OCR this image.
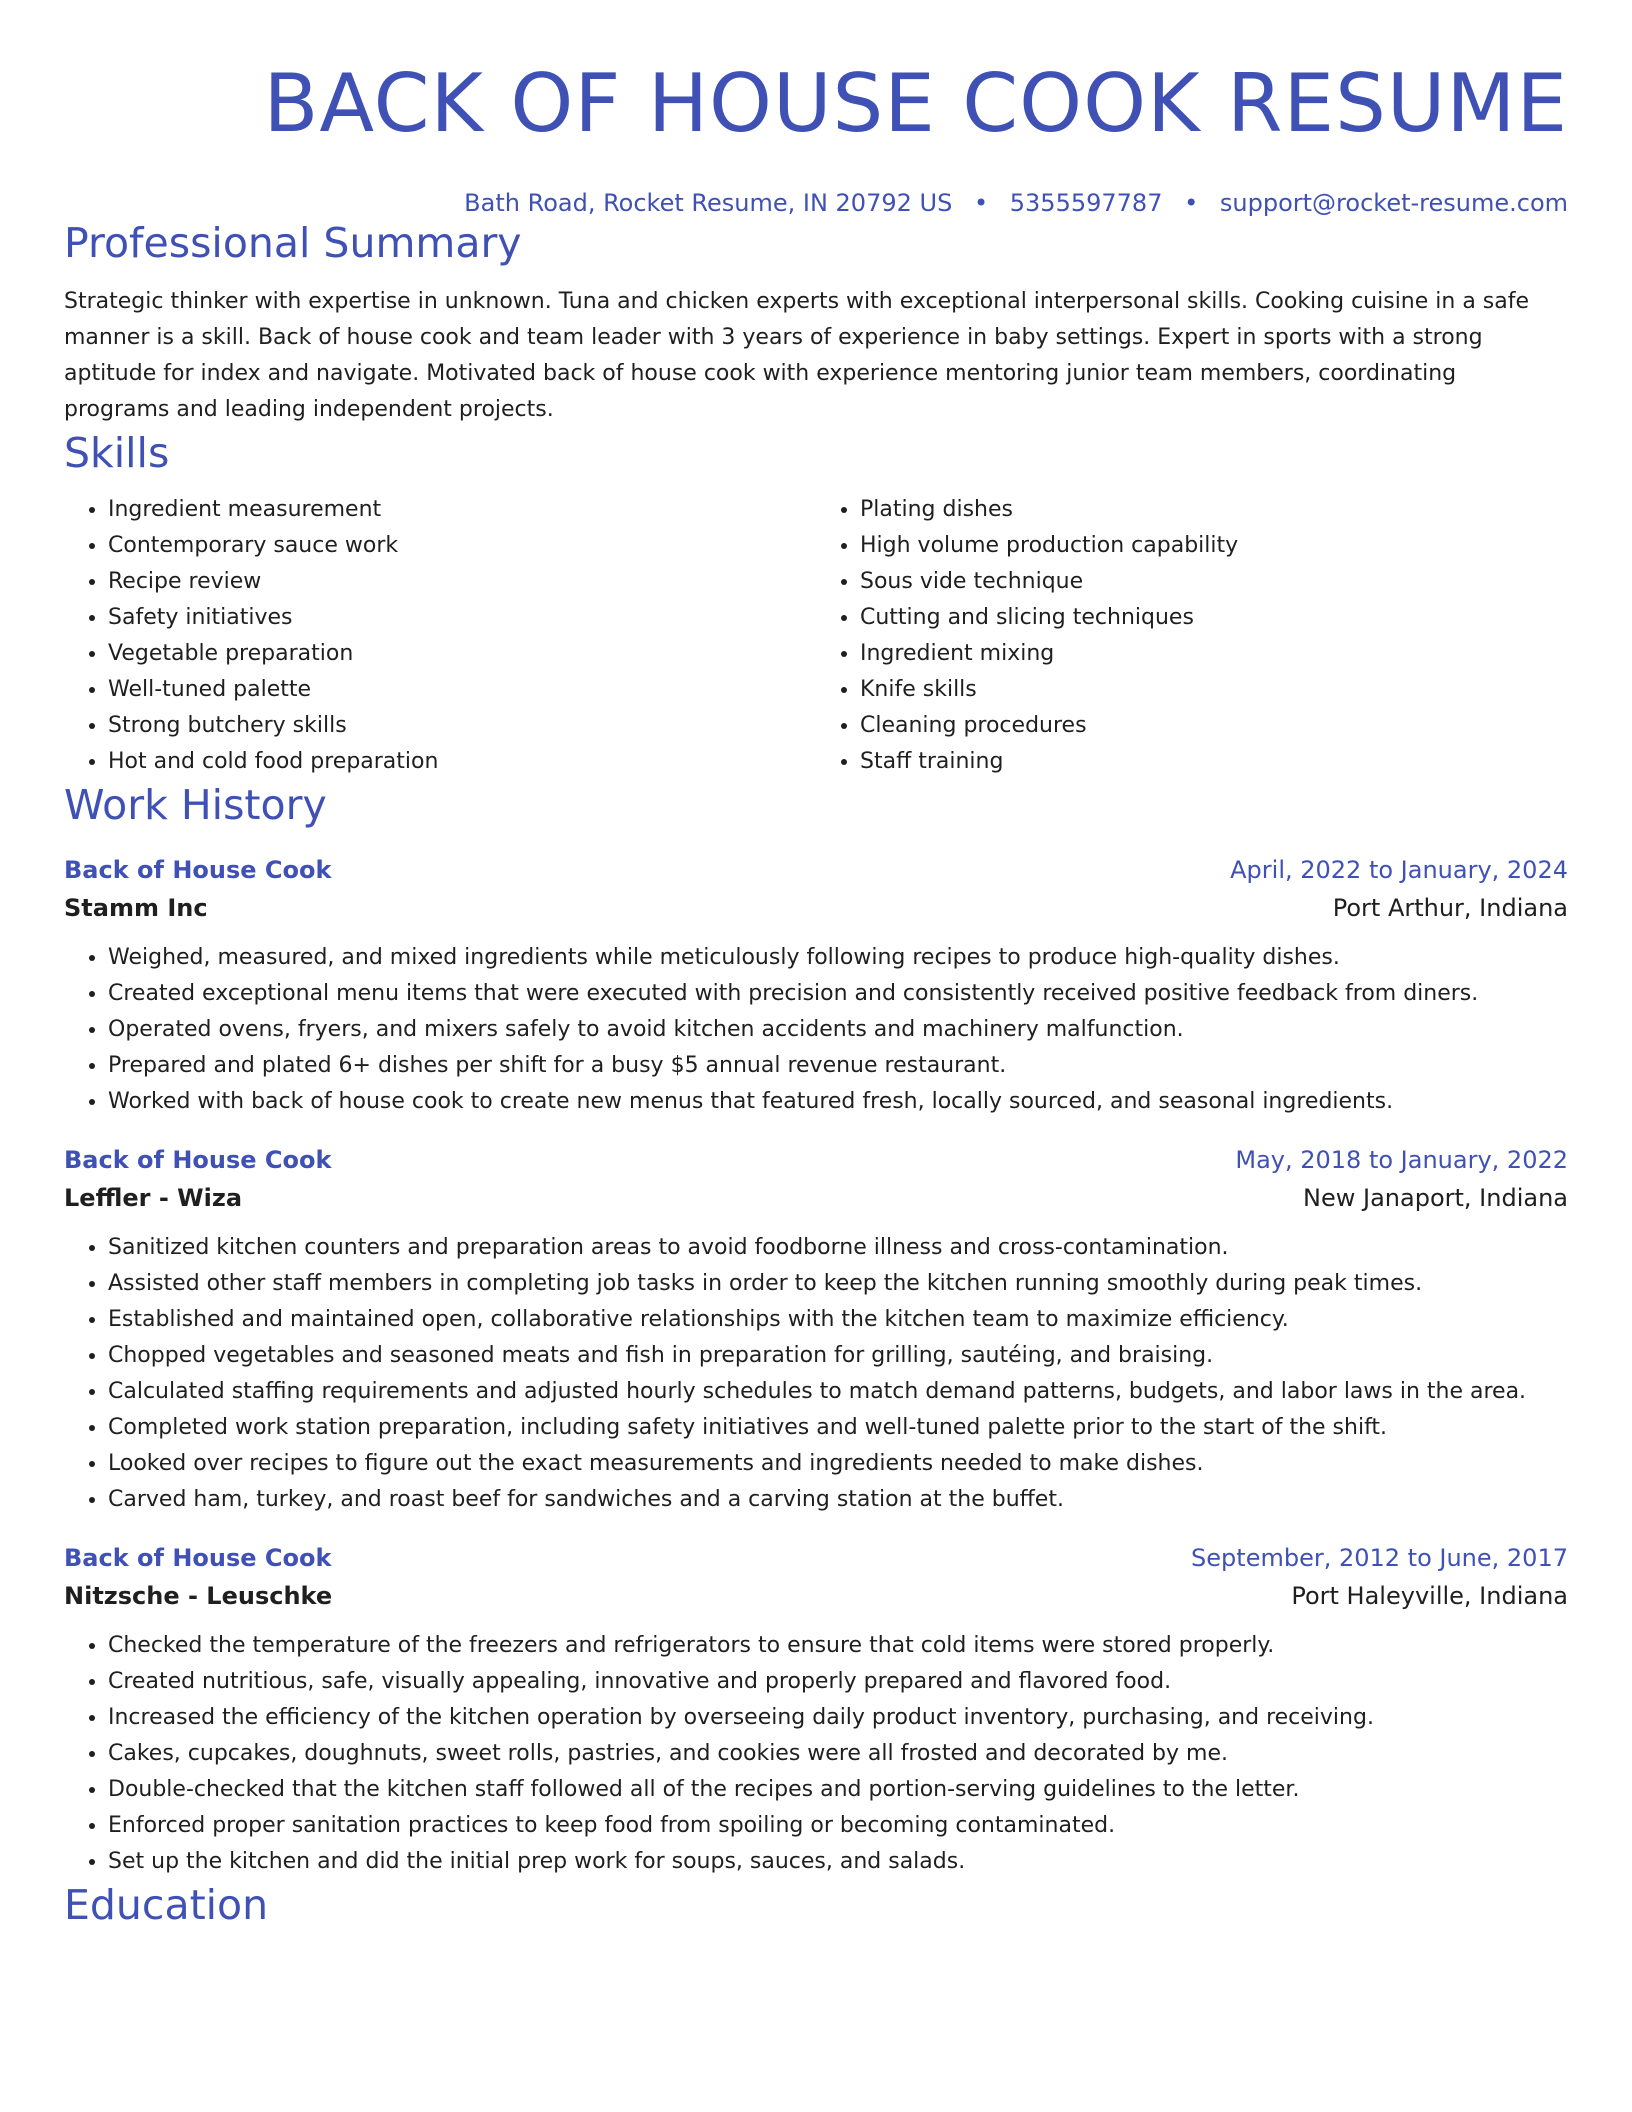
BACK OF HOUSE COOK RESUME
Bath Road, Rocket Resume, IN 20792 US • 5355597787 • support@rocket-resume.com
Professional Summary
Strategic thinker with expertise in unknown. Tuna and chicken experts with exceptional interpersonal skills. Cooking cuisine in a safe manner is a skill. Back of house cook and team leader with 3 years of experience in baby settings. Expert in sports with a strong aptitude for index and navigate. Motivated back of house cook with experience mentoring junior team members, coordinating programs and leading independent projects.
Skills
• Ingredient measurement
• Contemporary sauce work
• Recipe review
• Safety initiatives
• Vegetable preparation
• Well-tuned palette
• Strong butchery skills
• Hot and cold food preparation
• Plating dishes
• High volume production capability
• Sous vide technique
• Cutting and slicing techniques
• Ingredient mixing
• Knife skills
• Cleaning procedures
• Staff training
Work History
Back of House Cook	April, 2022 to January, 2024
Stamm Inc	Port Arthur, Indiana
• Weighed, measured, and mixed ingredients while meticulously following recipes to produce high-quality dishes.
• Created exceptional menu items that were executed with precision and consistently received positive feedback from diners.
• Operated ovens, fryers, and mixers safely to avoid kitchen accidents and machinery malfunction.
• Prepared and plated 6+ dishes per shift for a busy $5 annual revenue restaurant.
• Worked with back of house cook to create new menus that featured fresh, locally sourced, and seasonal ingredients.
Back of House Cook	May, 2018 to January, 2022
Leffler - Wiza	New Janaport, Indiana
• Sanitized kitchen counters and preparation areas to avoid foodborne illness and cross-contamination.
• Assisted other staff members in completing job tasks in order to keep the kitchen running smoothly during peak times.
• Established and maintained open, collaborative relationships with the kitchen team to maximize efficiency.
• Chopped vegetables and seasoned meats and fish in preparation for grilling, sautéing, and braising.
• Calculated staffing requirements and adjusted hourly schedules to match demand patterns, budgets, and labor laws in the area.
• Completed work station preparation, including safety initiatives and well-tuned palette prior to the start of the shift.
• Looked over recipes to figure out the exact measurements and ingredients needed to make dishes.
• Carved ham, turkey, and roast beef for sandwiches and a carving station at the buffet.
Back of House Cook	September, 2012 to June, 2017
Nitzsche - Leuschke	Port Haleyville, Indiana
• Checked the temperature of the freezers and refrigerators to ensure that cold items were stored properly.
• Created nutritious, safe, visually appealing, innovative and properly prepared and flavored food.
• Increased the efficiency of the kitchen operation by overseeing daily product inventory, purchasing, and receiving.
• Cakes, cupcakes, doughnuts, sweet rolls, pastries, and cookies were all frosted and decorated by me.
• Double-checked that the kitchen staff followed all of the recipes and portion-serving guidelines to the letter.
• Enforced proper sanitation practices to keep food from spoiling or becoming contaminated.
• Set up the kitchen and did the initial prep work for soups, sauces, and salads.
Education
